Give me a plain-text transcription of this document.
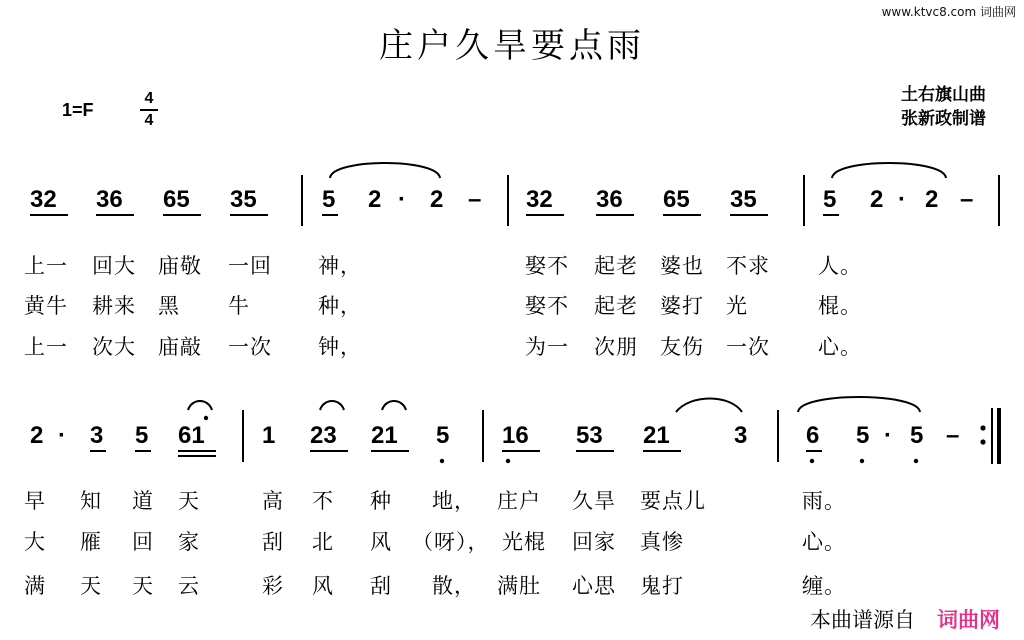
www.ktvc8.com 词曲网
庄户久旱要点雨
1=F
4
4
土右旗山曲
张新政制谱
32 36 65 35	5 2 · 2 – 32 36 65 35	5 2 · 2 –
上一 回大 庙敬 一回 神，	娶不 起老 婆也 不求 人。
黄牛 耕来 黑 牛	种，	娶不 起老 婆打 光	棍。
上一 次大 庙敲 一次 钟，	为一 次朋 友伤 一次 心。
2 · 3 5 61 1 23 21 5 16 53 21	3 6 5 · 5 –
早 知 道 天	高 不 种 地， 庄户 久旱 要点儿	雨。
大 雁 回 家	刮 北 风 （呀）， 光棍 回家 真惨	心。
满 天 天 云	彩 风 刮 散， 满肚 心思 鬼打	缠。
本曲谱源自 词曲网
